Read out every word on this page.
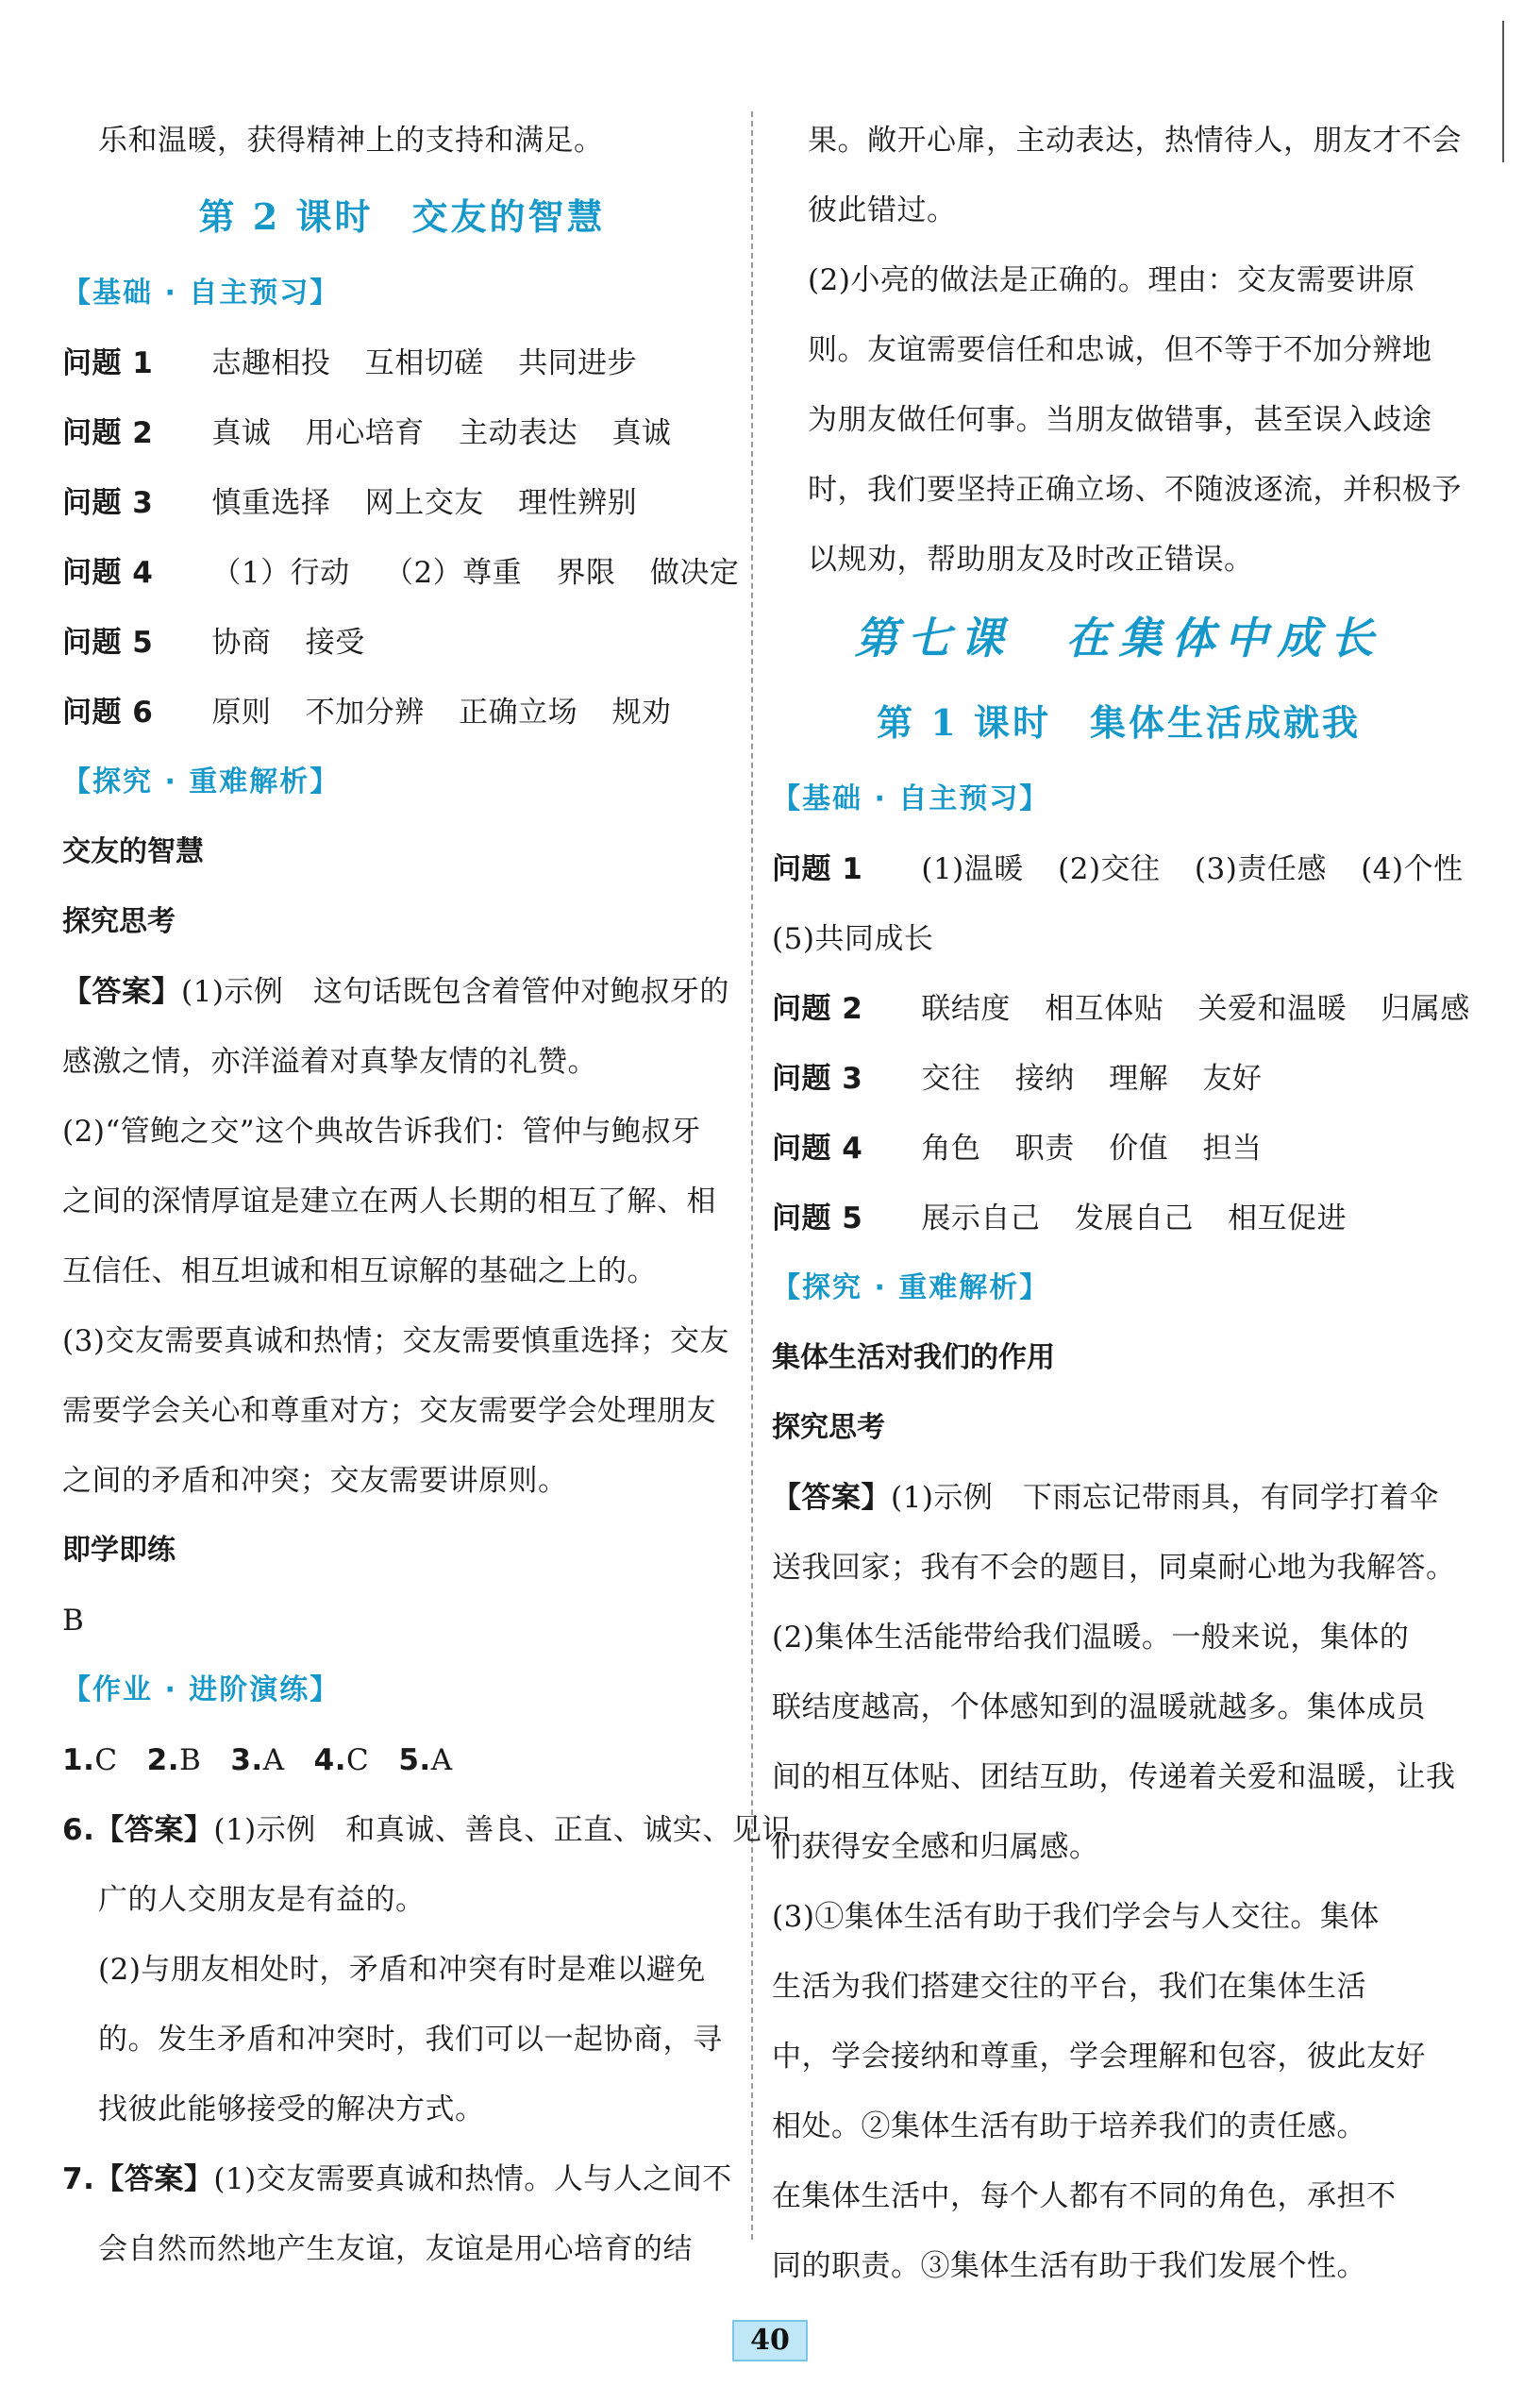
乐和温暖，获得精神上的支持和满足。
第 2 课时　交友的智慧
【基础 · 自主预习】
问题 1 志趣相投 互相切磋 共同进步
问题 2 真诚 用心培育 主动表达 真诚
问题 3 慎重选择 网上交友 理性辨别
问题 4 （1）行动 （2）尊重 界限 做决定
问题 5 协商 接受
问题 6 原则 不加分辨 正确立场 规劝
【探究 · 重难解析】
交友的智慧
探究思考
【答案】(1)示例　这句话既包含着管仲对鲍叔牙的
感激之情，亦洋溢着对真挚友情的礼赞。
(2)“管鲍之交”这个典故告诉我们：管仲与鲍叔牙
之间的深情厚谊是建立在两人长期的相互了解、相
互信任、相互坦诚和相互谅解的基础之上的。
(3)交友需要真诚和热情；交友需要慎重选择；交友
需要学会关心和尊重对方；交友需要学会处理朋友
之间的矛盾和冲突；交友需要讲原则。
即学即练
B
【作业 · 进阶演练】
1.C 2.B 3.A 4.C 5.A
6.【答案】(1)示例　和真诚、善良、正直、诚实、见识
广的人交朋友是有益的。
(2)与朋友相处时，矛盾和冲突有时是难以避免
的。发生矛盾和冲突时，我们可以一起协商，寻
找彼此能够接受的解决方式。
7.【答案】(1)交友需要真诚和热情。人与人之间不
会自然而然地产生友谊，友谊是用心培育的结
果。敞开心扉，主动表达，热情待人，朋友才不会
彼此错过。
(2)小亮的做法是正确的。理由：交友需要讲原
则。友谊需要信任和忠诚，但不等于不加分辨地
为朋友做任何事。当朋友做错事，甚至误入歧途
时，我们要坚持正确立场、不随波逐流，并积极予
以规劝，帮助朋友及时改正错误。
第七课　在集体中成长
第 1 课时　集体生活成就我
【基础 · 自主预习】
问题 1 (1)温暖 (2)交往 (3)责任感 (4)个性
(5)共同成长
问题 2 联结度 相互体贴 关爱和温暖 归属感
问题 3 交往 接纳 理解 友好
问题 4 角色 职责 价值 担当
问题 5 展示自己 发展自己 相互促进
【探究 · 重难解析】
集体生活对我们的作用
探究思考
【答案】(1)示例　下雨忘记带雨具，有同学打着伞
送我回家；我有不会的题目，同桌耐心地为我解答。
(2)集体生活能带给我们温暖。一般来说，集体的
联结度越高，个体感知到的温暖就越多。集体成员
间的相互体贴、团结互助，传递着关爱和温暖，让我
们获得安全感和归属感。
(3)①集体生活有助于我们学会与人交往。集体
生活为我们搭建交往的平台，我们在集体生活
中，学会接纳和尊重，学会理解和包容，彼此友好
相处。②集体生活有助于培养我们的责任感。
在集体生活中，每个人都有不同的角色，承担不
同的职责。③集体生活有助于我们发展个性。
40
